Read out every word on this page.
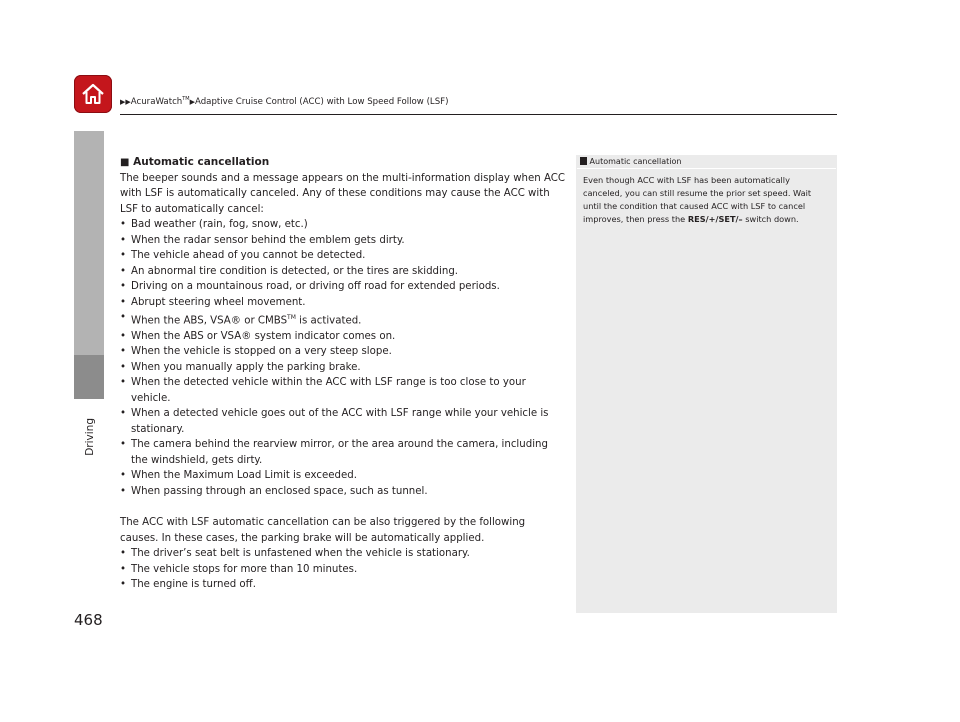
▶▶AcuraWatch™▶Adaptive Cruise Control (ACC) with Low Speed Follow (LSF)
Driving
468
■ Automatic cancellation

The beeper sounds and a message appears on the multi-information display when ACC with LSF is automatically canceled. Any of these conditions may cause the ACC with LSF to automatically cancel:

• Bad weather (rain, fog, snow, etc.)
• When the radar sensor behind the emblem gets dirty.
• The vehicle ahead of you cannot be detected.
• An abnormal tire condition is detected, or the tires are skidding.
• Driving on a mountainous road, or driving off road for extended periods.
• Abrupt steering wheel movement.
• When the ABS, VSA® or CMBS™ is activated.
• When the ABS or VSA® system indicator comes on.
• When the vehicle is stopped on a very steep slope.
• When you manually apply the parking brake.
• When the detected vehicle within the ACC with LSF range is too close to your vehicle.
• When a detected vehicle goes out of the ACC with LSF range while your vehicle is stationary.
• The camera behind the rearview mirror, or the area around the camera, including the windshield, gets dirty.
• When the Maximum Load Limit is exceeded.
• When passing through an enclosed space, such as tunnel.

The ACC with LSF automatic cancellation can be also triggered by the following causes. In these cases, the parking brake will be automatically applied.

• The driver’s seat belt is unfastened when the vehicle is stationary.
• The vehicle stops for more than 10 minutes.
• The engine is turned off.
Automatic cancellation
Even though ACC with LSF has been automatically canceled, you can still resume the prior set speed. Wait until the condition that caused ACC with LSF to cancel improves, then press the RES/+/SET/– switch down.
